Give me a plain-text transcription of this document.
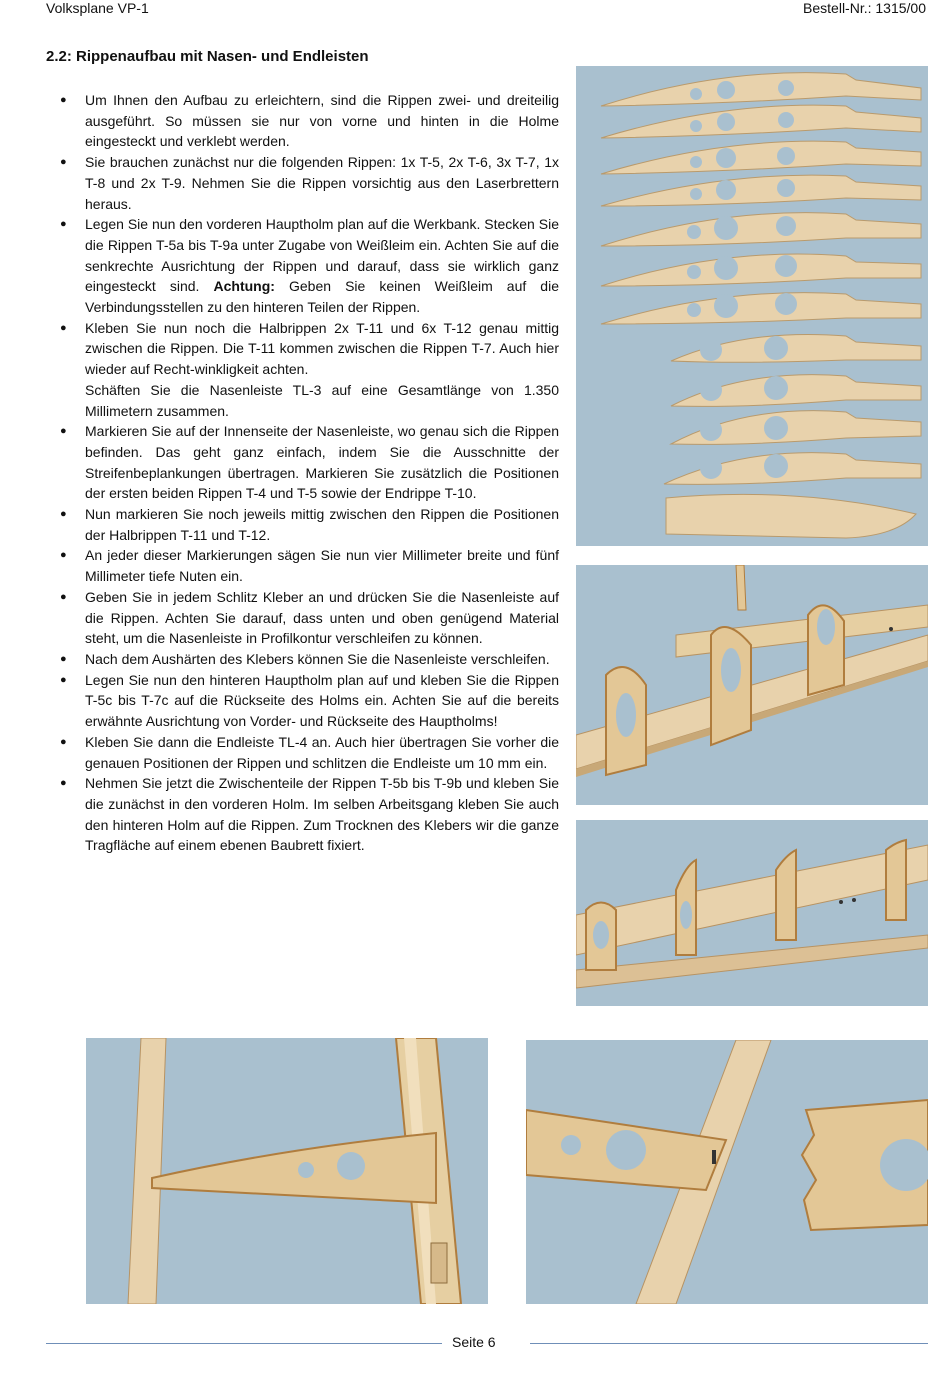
Volksplane VP-1	Bestell-Nr.: 1315/00
2.2: Rippenaufbau mit Nasen- und Endleisten
● Um Ihnen den Aufbau zu erleichtern, sind die Rippen zwei- und dreiteilig ausgeführt. So müssen sie nur von vorne und hinten in die Holme eingesteckt und verklebt werden.
● Sie brauchen zunächst nur die folgenden Rippen: 1x T-5, 2x T-6, 3x T-7, 1x T-8 und 2x T-9. Nehmen Sie die Rippen vorsichtig aus den Laserbrettern heraus.
● Legen Sie nun den vorderen Hauptholm plan auf die Werkbank. Stecken Sie die Rippen T-5a bis T-9a unter Zugabe von Weißleim ein. Achten Sie auf die senkrechte Ausrichtung der Rippen und darauf, dass sie wirklich ganz eingesteckt sind. Achtung: Geben Sie keinen Weißleim auf die Verbindungsstellen zu den hinteren Teilen der Rippen.
● Kleben Sie nun noch die Halbrippen 2x T-11 und 6x T-12 genau mittig zwischen die Rippen. Die T-11 kommen zwischen die Rippen T-7. Auch hier wieder auf Recht-winkligkeit achten.
Schäften Sie die Nasenleiste TL-3 auf eine Gesamtlänge von 1.350 Millimetern zusammen.
● Markieren Sie auf der Innenseite der Nasenleiste, wo genau sich die Rippen befinden. Das geht ganz einfach, indem Sie die Ausschnitte der Streifenbeplankungen übertragen. Markieren Sie zusätzlich die Positionen der ersten beiden Rippen T-4 und T-5 sowie der Endrippe T-10.
● Nun markieren Sie noch jeweils mittig zwischen den Rippen die Positionen der Halbrippen T-11 und T-12.
● An jeder dieser Markierungen sägen Sie nun vier Millimeter breite und fünf Millimeter tiefe Nuten ein.
● Geben Sie in jedem Schlitz Kleber an und drücken Sie die Nasenleiste auf die Rippen. Achten Sie darauf, dass unten und oben genügend Material steht, um die Nasenleiste in Profilkontur verschleifen zu können.
● Nach dem Aushärten des Klebers können Sie die Nasenleiste verschleifen.
● Legen Sie nun den hinteren Hauptholm plan auf und kleben Sie die Rippen T-5c bis T-7c auf die Rückseite des Holms ein. Achten Sie auf die bereits erwähnte Ausrichtung von Vorder- und Rückseite des Hauptholms!
● Kleben Sie dann die Endleiste TL-4 an. Auch hier übertragen Sie vorher die genauen Positionen der Rippen und schlitzen die Endleiste um 10 mm ein.
● Nehmen Sie jetzt die Zwischenteile der Rippen T-5b bis T-9b und kleben Sie die zunächst in den vorderen Holm. Im selben Arbeitsgang kleben Sie auch den hinteren Holm auf die Rippen. Zum Trocknen des Klebers wir die ganze Tragfläche auf einem ebenen Baubrett fixiert.
Seite 6
